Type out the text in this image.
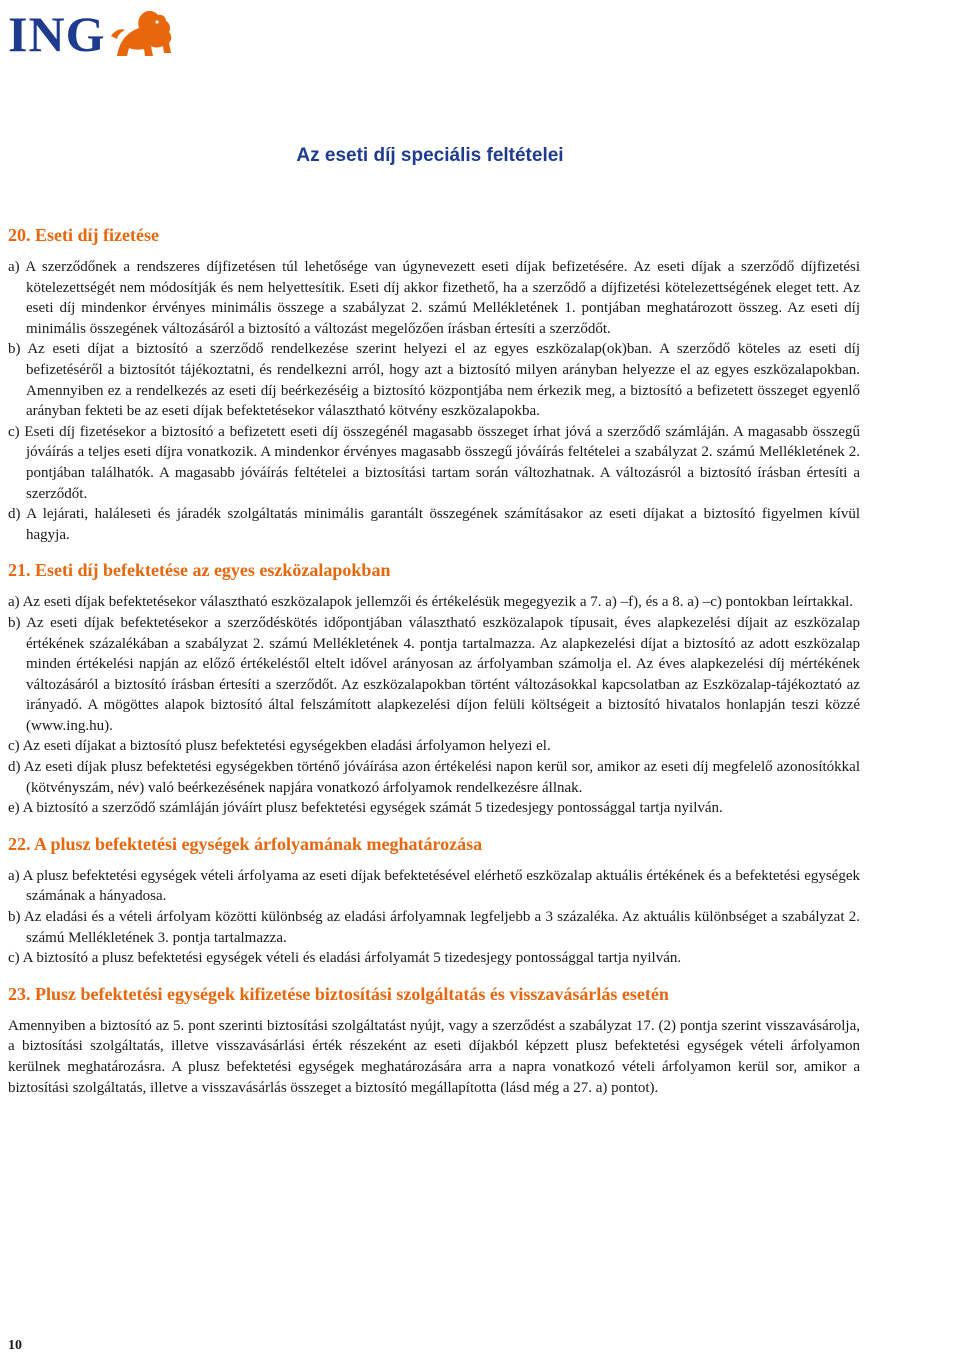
ING
Az eseti díj speciális feltételei
20. Eseti díj fizetése

a) A szerződőnek a rendszeres díjfizetésen túl lehetősége van úgynevezett eseti díjak befizetésére. Az eseti díjak a szerződő díjfizetési kötelezettségét nem módosítják és nem helyettesítik. Eseti díj akkor fizethető, ha a szerződő a díjfizetési kötelezettségének eleget tett. Az eseti díj mindenkor érvényes minimális összege a szabályzat 2. számú Mellékletének 1. pontjában meghatározott összeg. Az eseti díj minimális összegének változásáról a biztosító a változást megelőzően írásban értesíti a szerződőt.

b) Az eseti díjat a biztosító a szerződő rendelkezése szerint helyezi el az egyes eszközalap(ok)ban. A szerződő köteles az eseti díj befizetéséről a biztosítót tájékoztatni, és rendelkezni arról, hogy azt a biztosító milyen arányban helyezze el az egyes eszközalapokban. Amennyiben ez a rendelkezés az eseti díj beérkezéséig a biztosító központjába nem érkezik meg, a biztosító a befizetett összeget egyenlő arányban fekteti be az eseti díjak befektetésekor választható kötvény eszközalapokba.

c) Eseti díj fizetésekor a biztosító a befizetett eseti díj összegénél magasabb összeget írhat jóvá a szerződő számláján. A magasabb összegű jóváírás a teljes eseti díjra vonatkozik. A mindenkor érvényes magasabb összegű jóváírás feltételei a szabályzat 2. számú Mellékletének 2. pontjában találhatók. A magasabb jóváírás feltételei a biztosítási tartam során változhatnak. A változásról a biztosító írásban értesíti a szerződőt.

d) A lejárati, haláleseti és járadék szolgáltatás minimális garantált összegének számításakor az eseti díjakat a biztosító figyelmen kívül hagyja.

21. Eseti díj befektetése az egyes eszközalapokban

a) Az eseti díjak befektetésekor választható eszközalapok jellemzői és értékelésük megegyezik a 7. a) –f), és a 8. a) –c) pontokban leírtakkal.

b) Az eseti díjak befektetésekor a szerződéskötés időpontjában választható eszközalapok típusait, éves alapkezelési díjait az eszközalap értékének százalékában a szabályzat 2. számú Mellékletének 4. pontja tartalmazza. Az alapkezelési díjat a biztosító az adott eszközalap minden értékelési napján az előző értékeléstől eltelt idővel arányosan az árfolyamban számolja el. Az éves alapkezelési díj mértékének változásáról a biztosító írásban értesíti a szerződőt. Az eszközalapokban történt változásokkal kapcsolatban az Eszközalap-tájékoztató az irányadó. A mögöttes alapok biztosító által felszámított alapkezelési díjon felüli költségeit a biztosító hivatalos honlapján teszi közzé (www.ing.hu).

c) Az eseti díjakat a biztosító plusz befektetési egységekben eladási árfolyamon helyezi el.

d) Az eseti díjak plusz befektetési egységekben történő jóváírása azon értékelési napon kerül sor, amikor az eseti díj megfelelő azonosítókkal (kötvényszám, név) való beérkezésének napjára vonatkozó árfolyamok rendelkezésre állnak.

e) A biztosító a szerződő számláján jóváírt plusz befektetési egységek számát 5 tizedesjegy pontossággal tartja nyilván.

22. A plusz befektetési egységek árfolyamának meghatározása

a) A plusz befektetési egységek vételi árfolyama az eseti díjak befektetésével elérhető eszközalap aktuális értékének és a befektetési egységek számának a hányadosa.

b) Az eladási és a vételi árfolyam közötti különbség az eladási árfolyamnak legfeljebb a 3 százaléka. Az aktuális különbséget a szabályzat 2. számú Mellékletének 3. pontja tartalmazza.

c) A biztosító a plusz befektetési egységek vételi és eladási árfolyamát 5 tizedesjegy pontossággal tartja nyilván.

23. Plusz befektetési egységek kifizetése biztosítási szolgáltatás és visszavásárlás esetén

Amennyiben a biztosító az 5. pont szerinti biztosítási szolgáltatást nyújt, vagy a szerződést a szabályzat 17. (2) pontja szerint visszavásárolja, a biztosítási szolgáltatás, illetve visszavásárlási érték részeként az eseti díjakból képzett plusz befektetési egységek vételi árfolyamon kerülnek meghatározásra. A plusz befektetési egységek meghatározására arra a napra vonatkozó vételi árfolyamon kerül sor, amikor a biztosítási szolgáltatás, illetve a visszavásárlás összeget a biztosító megállapította (lásd még a 27. a) pontot).

10
